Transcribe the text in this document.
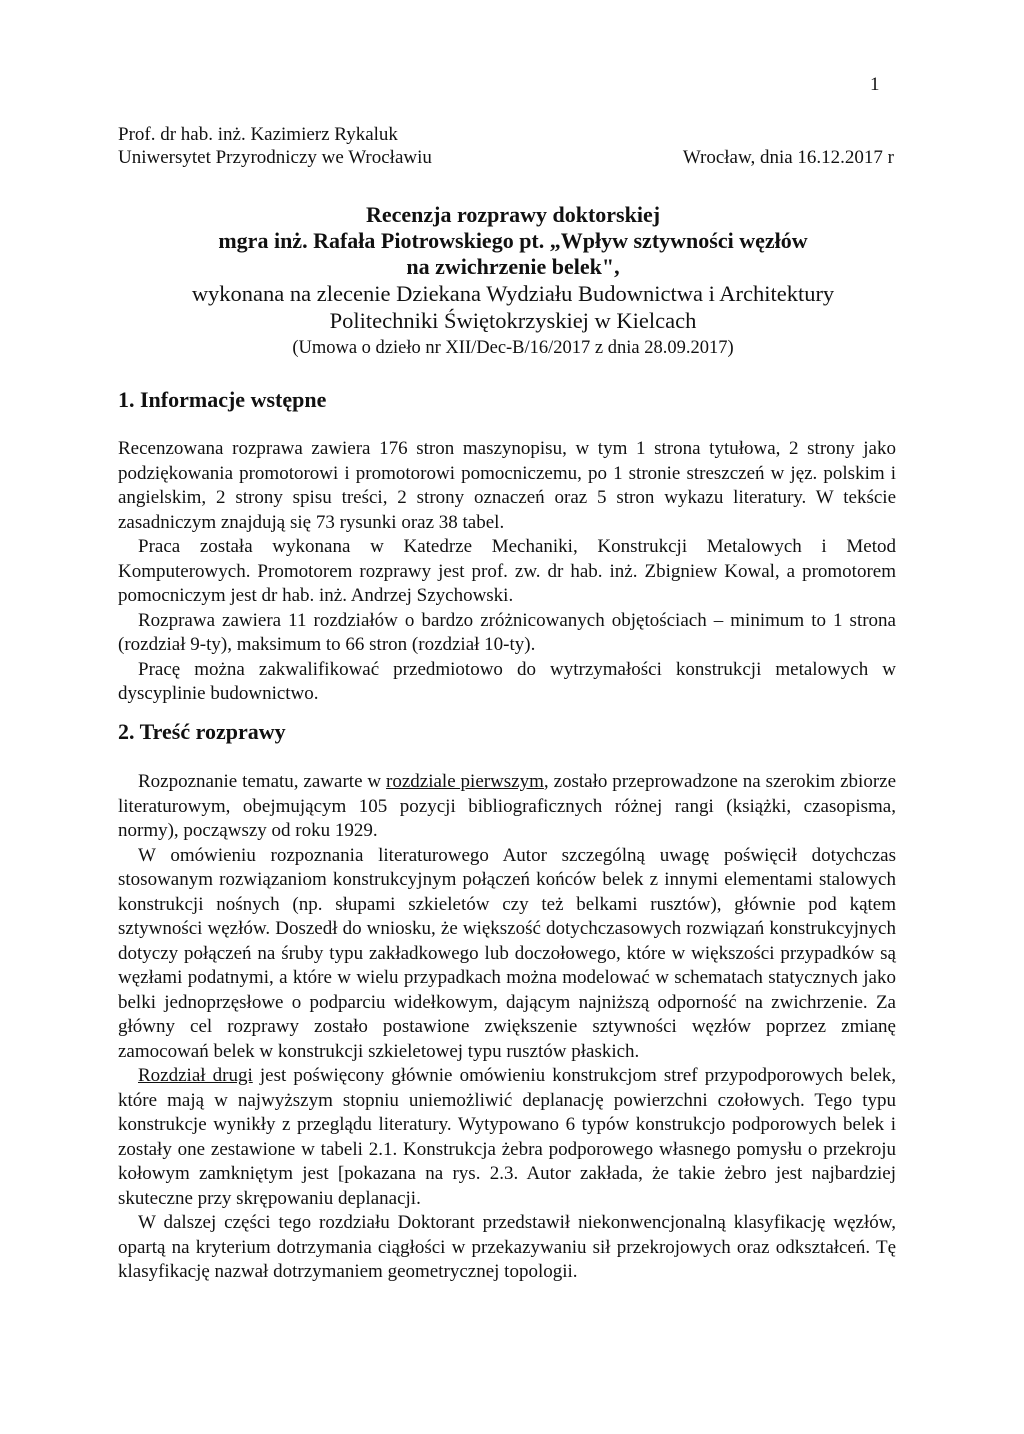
1
Prof. dr hab. inż. Kazimierz Rykaluk
Uniwersytet Przyrodniczy we Wrocławiu	Wrocław, dnia 16.12.2017 r
Recenzja rozprawy doktorskiej
mgra inż. Rafała Piotrowskiego pt. „Wpływ sztywności węzłów
na zwichrzenie belek",
wykonana na zlecenie Dziekana Wydziału Budownictwa i Architektury
Politechniki Świętokrzyskiej w Kielcach
(Umowa o dzieło nr XII/Dec-B/16/2017 z dnia 28.09.2017)
1. Informacje wstępne

Recenzowana rozprawa zawiera 176 stron maszynopisu, w tym 1 strona tytułowa, 2 strony jako podziękowania promotorowi i promotorowi pomocniczemu, po 1 stronie streszczeń w jęz. polskim i angielskim, 2 strony spisu treści, 2 strony oznaczeń oraz 5 stron wykazu literatury. W tekście zasadniczym znajdują się 73 rysunki oraz 38 tabel.

Praca została wykonana w Katedrze Mechaniki, Konstrukcji Metalowych i Metod Komputerowych. Promotorem rozprawy jest prof. zw. dr hab. inż. Zbigniew Kowal, a promotorem pomocniczym jest dr hab. inż. Andrzej Szychowski.

Rozprawa zawiera 11 rozdziałów o bardzo zróżnicowanych objętościach – minimum to 1 strona (rozdział 9-ty), maksimum to 66 stron (rozdział 10-ty).

Pracę można zakwalifikować przedmiotowo do wytrzymałości konstrukcji metalowych w dyscyplinie budownictwo.

2. Treść rozprawy

Rozpoznanie tematu, zawarte w rozdziale pierwszym, zostało przeprowadzone na szerokim zbiorze literaturowym, obejmującym 105 pozycji bibliograficznych różnej rangi (książki, czasopisma, normy), począwszy od roku 1929.

W omówieniu rozpoznania literaturowego Autor szczególną uwagę poświęcił dotychczas stosowanym rozwiązaniom konstrukcyjnym połączeń końców belek z innymi elementami stalowych konstrukcji nośnych (np. słupami szkieletów czy też belkami rusztów), głównie pod kątem sztywności węzłów. Doszedł do wniosku, że większość dotychczasowych rozwiązań konstrukcyjnych dotyczy połączeń na śruby typu zakładkowego lub doczołowego, które w większości przypadków są węzłami podatnymi, a które w wielu przypadkach można modelować w schematach statycznych jako belki jednoprzęsłowe o podparciu widełkowym, dającym najniższą odporność na zwichrzenie. Za główny cel rozprawy zostało postawione zwiększenie sztywności węzłów poprzez zmianę zamocowań belek w konstrukcji szkieletowej typu rusztów płaskich.

Rozdział drugi jest poświęcony głównie omówieniu konstrukcjom stref przypodporowych belek, które mają w najwyższym stopniu uniemożliwić deplanację powierzchni czołowych. Tego typu konstrukcje wynikły z przeglądu literatury. Wytypowano 6 typów konstrukcjo podporowych belek i zostały one zestawione w tabeli 2.1. Konstrukcja żebra podporowego własnego pomysłu o przekroju kołowym zamkniętym jest [pokazana na rys. 2.3. Autor zakłada, że takie żebro jest najbardziej skuteczne przy skrępowaniu deplanacji.

W dalszej części tego rozdziału Doktorant przedstawił niekonwencjonalną klasyfikację węzłów, opartą na kryterium dotrzymania ciągłości w przekazywaniu sił przekrojowych oraz odkształceń. Tę klasyfikację nazwał dotrzymaniem geometrycznej topologii.
